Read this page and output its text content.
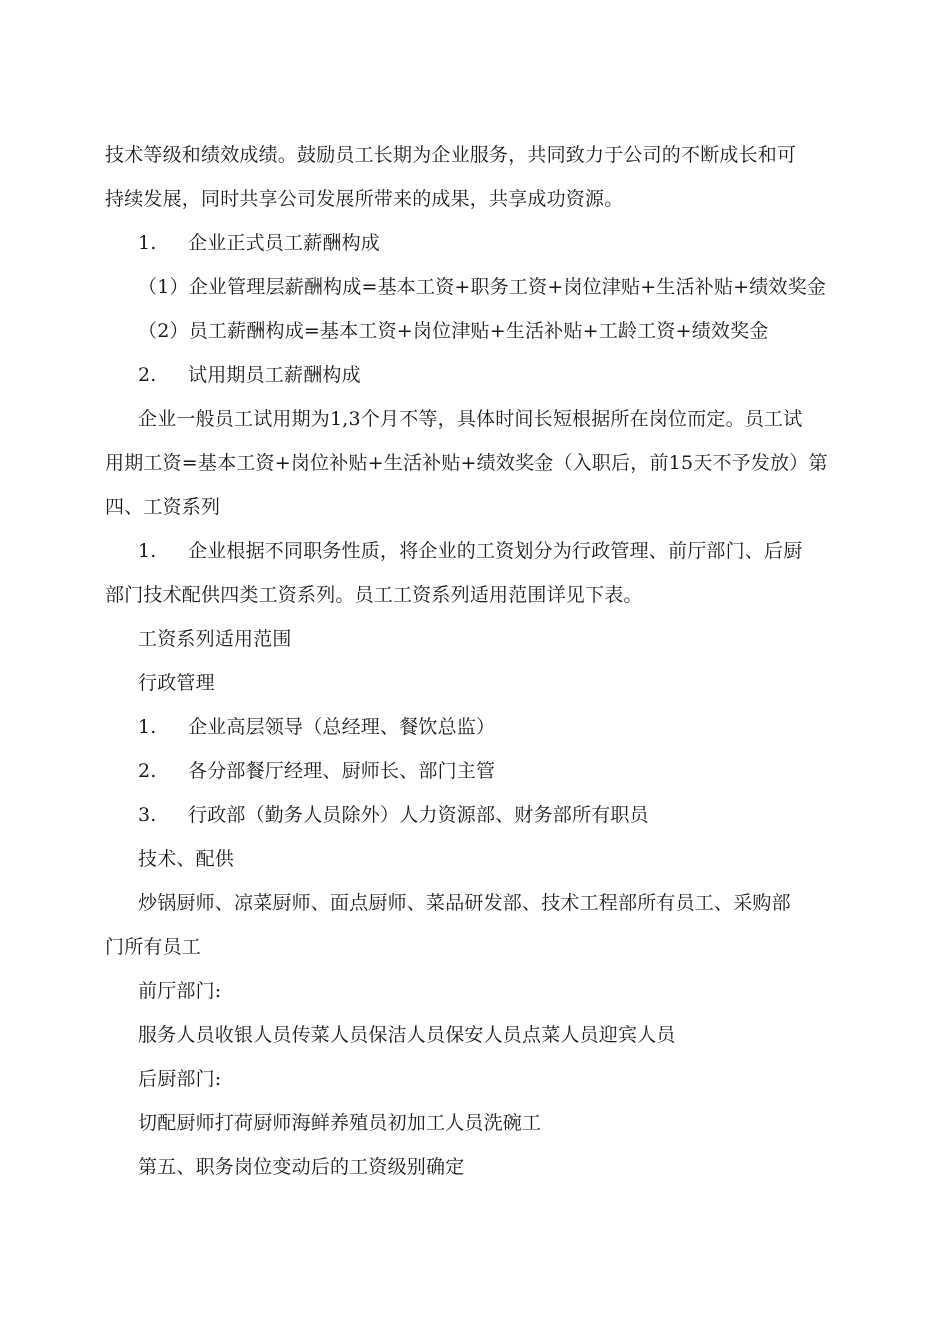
技术等级和绩效成绩。鼓励员工长期为企业服务，共同致力于公司的不断成长和可
持续发展，同时共享公司发展所带来的成果，共享成功资源。
1. 企业正式员工薪酬构成
（1）企业管理层薪酬构成=基本工资+职务工资+岗位津贴+生活补贴+绩效奖金
（2）员工薪酬构成=基本工资+岗位津贴+生活补贴+工龄工资+绩效奖金
2. 试用期员工薪酬构成
企业一般员工试用期为1,3个月不等，具体时间长短根据所在岗位而定。员工试
用期工资=基本工资+岗位补贴+生活补贴+绩效奖金（入职后，前15天不予发放）第
四、工资系列
1. 企业根据不同职务性质，将企业的工资划分为行政管理、前厅部门、后厨
部门技术配供四类工资系列。员工工资系列适用范围详见下表。
工资系列适用范围
行政管理
1. 企业高层领导（总经理、餐饮总监）
2. 各分部餐厅经理、厨师长、部门主管
3. 行政部（勤务人员除外）人力资源部、财务部所有职员
技术、配供
炒锅厨师、凉菜厨师、面点厨师、菜品研发部、技术工程部所有员工、采购部
门所有员工
前厅部门:
服务人员收银人员传菜人员保洁人员保安人员点菜人员迎宾人员
后厨部门:
切配厨师打荷厨师海鲜养殖员初加工人员洗碗工
第五、职务岗位变动后的工资级别确定
